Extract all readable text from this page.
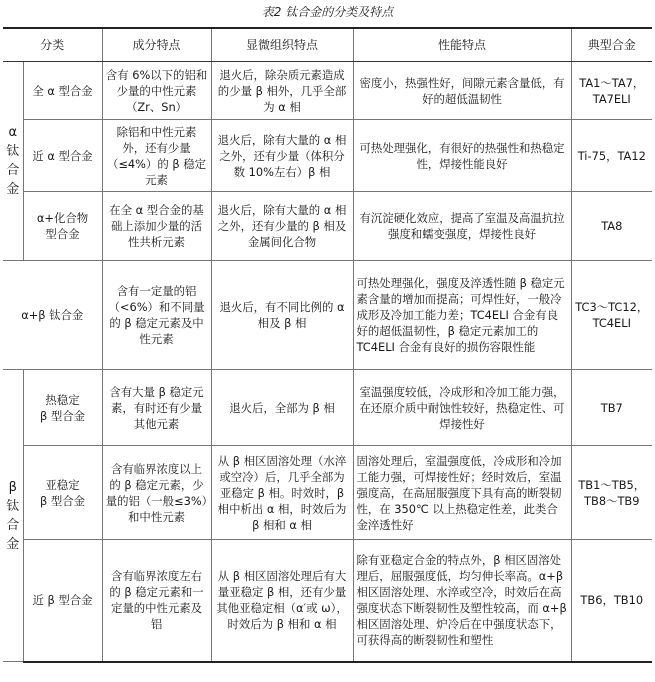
表2 钛合金的分类及特点
分类		成分特点	显微组织特点	性能特点	典型合金

α
钛
合
金	全 α 型合金	含有 6%以下的铝和少量的中性元素（Zr、Sn）	退火后，除杂质元素造成的少量 β 相外，几乎全部为 α 相	密度小，热强性好，间隙元素含量低，有好的超低温韧性	TA1～TA7，
TA7ELI
	近 α 型合金	除铝和中性元素外，还有少量（≤4%）的 β 稳定元素	退火后，除有大量的 α 相之外，还有少量（体积分数 10%左右）β 相	可热处理强化，有很好的热强性和热稳定性，焊接性能良好	Ti-75，TA12
	α+化合物
型合金	在全 α 型合金的基础上添加少量的活性共析元素	退火后，除有大量的 α 相之外，还有少量的 β 相及金属间化合物	有沉淀硬化效应，提高了室温及高温抗拉强度和蠕变强度，焊接性良好	TA8
α+β 钛合金		含有一定量的铝（<6%）和不同量的 β 稳定元素及中性元素	退火后，有不同比例的 α 相及 β 相	可热处理强化，强度及淬透性随 β 稳定元素含量的增加而提高；可焊性好，一般冷成形及冷加工能力差；TC4ELI 合金有良好的超低温韧性，β 稳定元素加工的 TC4ELI 合金有良好的损伤容限性能	TC3～TC12，
TC4ELI

β
钛
合
金	热稳定
β 型合金	含有大量 β 稳定元素，有时还有少量其他元素	退火后，全部为 β 相	室温强度较低，冷成形和冷加工能力强，在还原介质中耐蚀性较好，热稳定性、可焊接性好	TB7
	亚稳定
β 型合金	含有临界浓度以上的 β 稳定元素，少量的铝（一般≤3%）和中性元素	从 β 相区固溶处理（水淬或空冷）后，几乎全部为亚稳定 β 相。时效时，β 相中析出 α 相，时效后为 β 相和 α 相	固溶处理后，室温强度低，冷成形和冷加工能力强，可焊接性好；经时效后，室温强度高，在高屈服强度下具有高的断裂韧性，在 350℃ 以上热稳定性差，此类合金淬透性好	TB1～TB5，
TB8～TB9
	近 β 型合金	含有临界浓度左右的 β 稳定元素和一定量的中性元素及铝	从 β 相区固溶处理后有大量亚稳定 β 相，还有少量其他亚稳定相（α′或 ω），时效后为 β 相和 α 相	除有亚稳定合金的特点外，β 相区固溶处理后，屈服强度低，均匀伸长率高。α+β 相区固溶处理、水淬或空冷，时效后在高强度状态下断裂韧性及塑性较高，而 α+β 相区固溶处理、炉冷后在中强度状态下，可获得高的断裂韧性和塑性	TB6，TB10
